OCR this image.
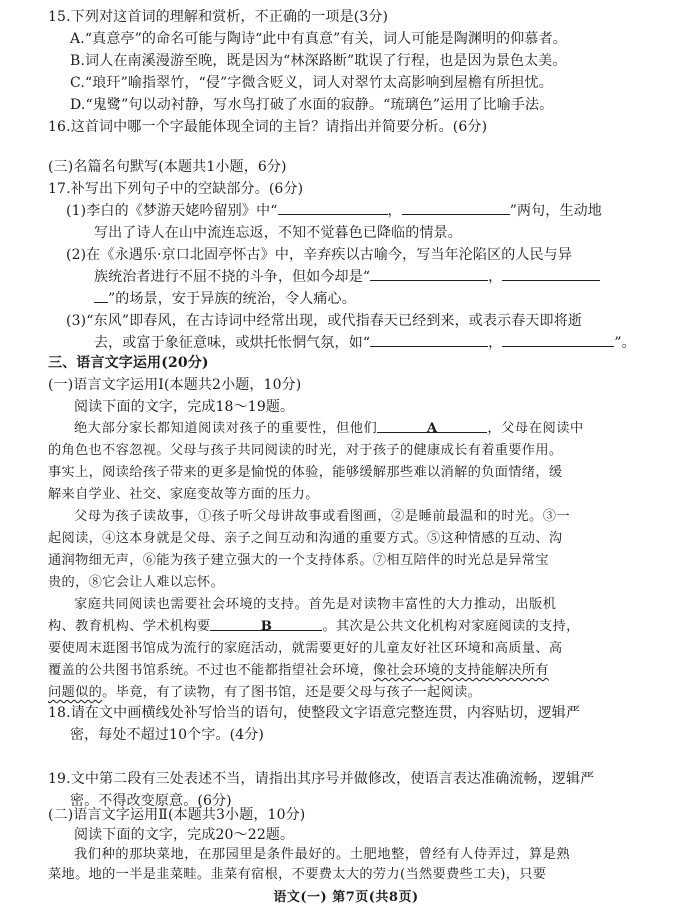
15.下列对这首词的理解和赏析，不正确的一项是(3分)
A.“真意亭”的命名可能与陶诗“此中有真意”有关，词人可能是陶渊明的仰慕者。
B.词人在南溪漫游至晚，既是因为“林深路断”耽误了行程，也是因为景色太美。
C.“琅玕”喻指翠竹，“侵”字微含贬义，词人对翠竹太高影响到屋檐有所担忧。
D.“鬼鹭”句以动衬静，写水鸟打破了水面的寂静。“琉璃色”运用了比喻手法。
16.这首词中哪一个字最能体现全词的主旨？请指出并简要分析。(6分)
(三)名篇名句默写(本题共1小题，6分)
17.补写出下列句子中的空缺部分。(6分)
(1)李白的《梦游天姥吟留别》中“	，	”两句，生动地
写出了诗人在山中流连忘返，不知不觉暮色已降临的情景。
(2)在《永遇乐·京口北固亭怀古》中，辛弃疾以古喻今，写当年沦陷区的人民与异
族统治者进行不屈不挠的斗争，但如今却是“	，
”的场景，安于异族的统治，令人痛心。
(3)“东风”即春风，在古诗词中经常出现，或代指春天已经到来，或表示春天即将逝
去，或富于象征意味，或烘托怅惘气氛，如“	，	”。
三、语言文字运用(20分)
(一)语言文字运用Ⅰ(本题共2小题，10分)
阅读下面的文字，完成18～19题。
绝大部分家长都知道阅读对孩子的重要性，但他们	A	，父母在阅读中
的角色也不容忽视。父母与孩子共同阅读的时光，对于孩子的健康成长有着重要作用。
事实上，阅读给孩子带来的更多是愉悦的体验，能够缓解那些难以消解的负面情绪，缓
解来自学业、社交、家庭变故等方面的压力。
父母为孩子读故事，①孩子听父母讲故事或看图画，②是睡前最温和的时光。③一
起阅读，④这本身就是父母、亲子之间互动和沟通的重要方式。⑤这种情感的互动、沟
通润物细无声，⑥能为孩子建立强大的一个支持体系。⑦相互陪伴的时光总是异常宝
贵的，⑧它会让人难以忘怀。
家庭共同阅读也需要社会环境的支持。首先是对读物丰富性的大力推动，出版机
构、教育机构、学术机构要	B	。其次是公共文化机构对家庭阅读的支持，
要使周末逛图书馆成为流行的家庭活动，就需要更好的儿童友好社区环境和高质量、高
覆盖的公共图书馆系统。不过也不能都指望社会环境，像社会环境的支持能解决所有
问题似的。毕竟，有了读物，有了图书馆，还是要父母与孩子一起阅读。
18.请在文中画横线处补写恰当的语句，使整段文字语意完整连贯，内容贴切，逻辑严
密，每处不超过10个字。(4分)
19.文中第二段有三处表述不当，请指出其序号并做修改，使语言表达准确流畅，逻辑严
密。不得改变原意。(6分)
(二)语言文字运用Ⅱ(本题共3小题，10分)
阅读下面的文字，完成20～22题。
语文(一) 第7页(共8页)
我们种的那块菜地，在那园里是条件最好的。土肥地整，曾经有人侍弄过，算是熟
菜地。地的一半是韭菜畦。韭菜有宿根，不要费太大的劳力(当然要费些工夫)，只要
